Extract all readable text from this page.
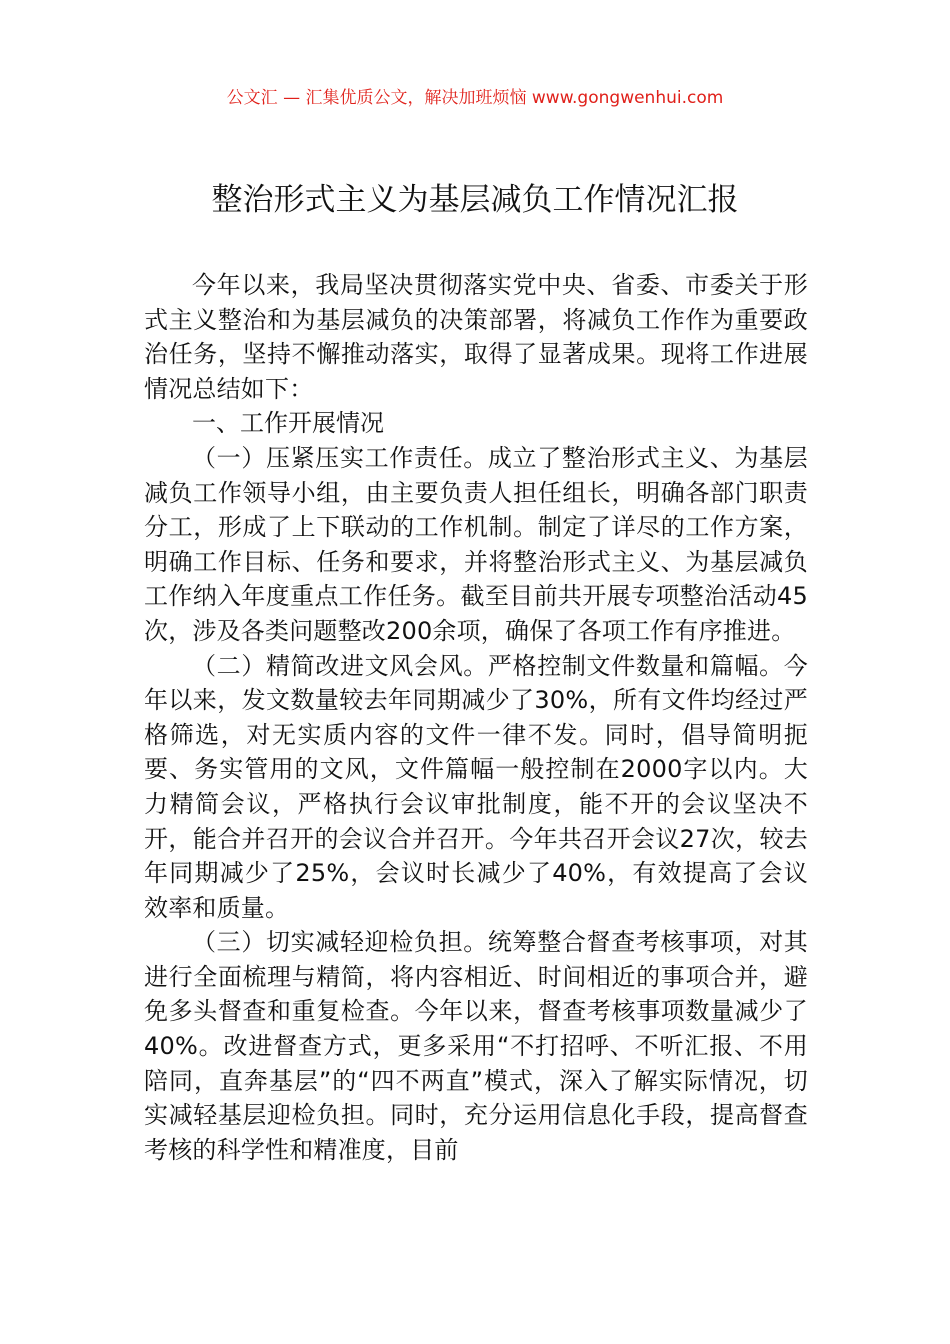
公文汇 — 汇集优质公文，解决加班烦恼 www.gongwenhui.com
整治形式主义为基层减负工作情况汇报

今年以来，我局坚决贯彻落实党中央、省委、市委关于形式主义整治和为基层减负的决策部署，将减负工作作为重要政治任务，坚持不懈推动落实，取得了显著成果。现将工作进展情况总结如下：

一、工作开展情况

（一）压紧压实工作责任。成立了整治形式主义、为基层减负工作领导小组，由主要负责人担任组长，明确各部门职责分工，形成了上下联动的工作机制。制定了详尽的工作方案，明确工作目标、任务和要求，并将整治形式主义、为基层减负工作纳入年度重点工作任务。截至目前共开展专项整治活动45次，涉及各类问题整改200余项，确保了各项工作有序推进。

（二）精简改进文风会风。严格控制文件数量和篇幅。今年以来，发文数量较去年同期减少了30%，所有文件均经过严格筛选，对无实质内容的文件一律不发。同时，倡导简明扼要、务实管用的文风，文件篇幅一般控制在2000字以内。大力精简会议，严格执行会议审批制度，能不开的会议坚决不开，能合并召开的会议合并召开。今年共召开会议27次，较去年同期减少了25%，会议时长减少了40%，有效提高了会议效率和质量。

（三）切实减轻迎检负担。统筹整合督查考核事项，对其进行全面梳理与精简，将内容相近、时间相近的事项合并，避免多头督查和重复检查。今年以来，督查考核事项数量减少了40%。改进督查方式，更多采用“不打招呼、不听汇报、不用陪同，直奔基层”的“四不两直”模式，深入了解实际情况，切实减轻基层迎检负担。同时，充分运用信息化手段，提高督查考核的科学性和精准度，目前
